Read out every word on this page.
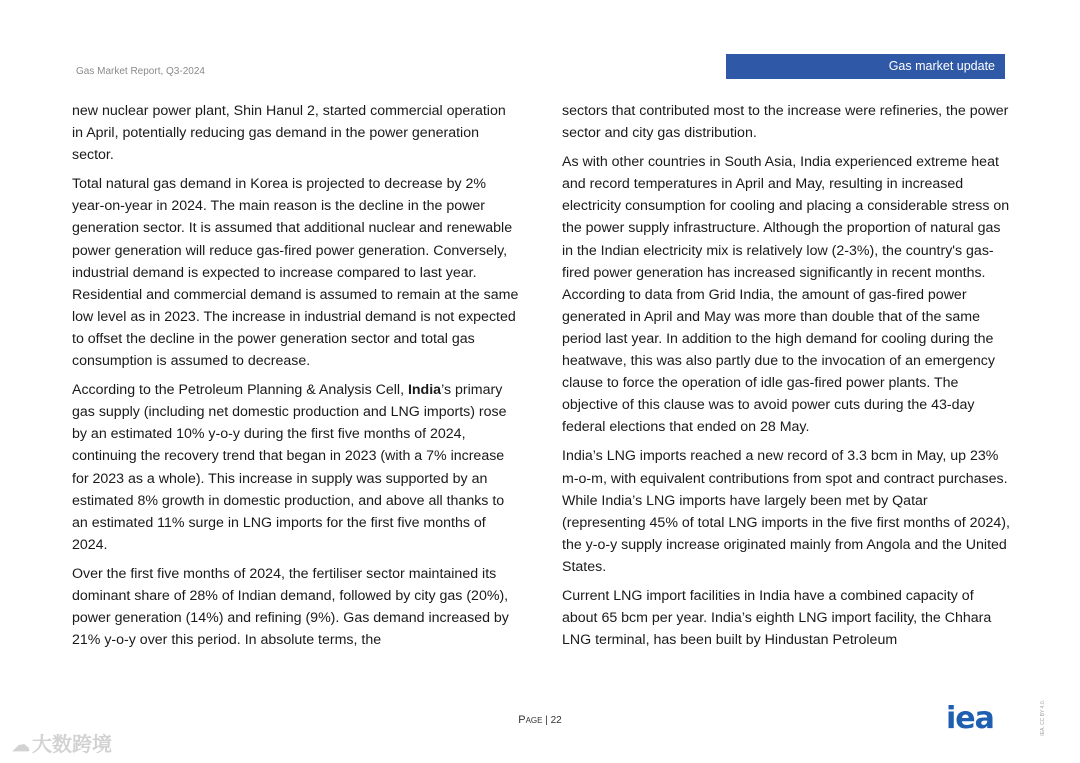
Gas Market Report, Q3-2024	Gas market update

new nuclear power plant, Shin Hanul 2, started commercial operation in April, potentially reducing gas demand in the power generation sector.

Total natural gas demand in Korea is projected to decrease by 2% year-on-year in 2024. The main reason is the decline in the power generation sector. It is assumed that additional nuclear and renewable power generation will reduce gas-fired power generation. Conversely, industrial demand is expected to increase compared to last year. Residential and commercial demand is assumed to remain at the same low level as in 2023. The increase in industrial demand is not expected to offset the decline in the power generation sector and total gas consumption is assumed to decrease.

According to the Petroleum Planning & Analysis Cell, India’s primary gas supply (including net domestic production and LNG imports) rose by an estimated 10% y-o-y during the first five months of 2024, continuing the recovery trend that began in 2023 (with a 7% increase for 2023 as a whole). This increase in supply was supported by an estimated 8% growth in domestic production, and above all thanks to an estimated 11% surge in LNG imports for the first five months of 2024.

Over the first five months of 2024, the fertiliser sector maintained its dominant share of 28% of Indian demand, followed by city gas (20%), power generation (14%) and refining (9%). Gas demand increased by 21% y-o-y over this period. In absolute terms, the

sectors that contributed most to the increase were refineries, the power sector and city gas distribution.

As with other countries in South Asia, India experienced extreme heat and record temperatures in April and May, resulting in increased electricity consumption for cooling and placing a considerable stress on the power supply infrastructure. Although the proportion of natural gas in the Indian electricity mix is relatively low (2-3%), the country's gas-fired power generation has increased significantly in recent months. According to data from Grid India, the amount of gas-fired power generated in April and May was more than double that of the same period last year. In addition to the high demand for cooling during the heatwave, this was also partly due to the invocation of an emergency clause to force the operation of idle gas-fired power plants. The objective of this clause was to avoid power cuts during the 43-day federal elections that ended on 28 May.

India’s LNG imports reached a new record of 3.3 bcm in May, up 23% m-o-m, with equivalent contributions from spot and contract purchases. While India’s LNG imports have largely been met by Qatar (representing 45% of total LNG imports in the five first months of 2024), the y-o-y supply increase originated mainly from Angola and the United States.

Current LNG import facilities in India have a combined capacity of about 65 bcm per year. India’s eighth LNG import facility, the Chhara LNG terminal, has been built by Hindustan Petroleum

Page | 22	iea	IEA. CC BY 4.0.
☁ 大数跨境
